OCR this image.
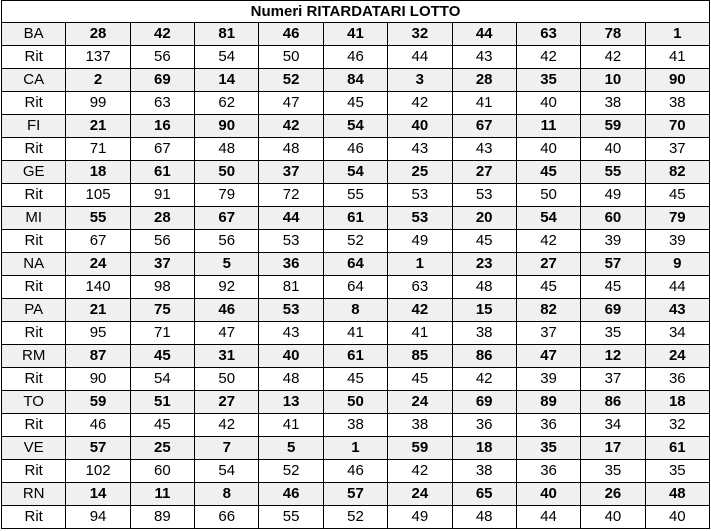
Numeri RITARDATARI LOTTO										
BA	28	42	81	46	41	32	44	63	78	1
Rit	137	56	54	50	46	44	43	42	42	41
CA	2	69	14	52	84	3	28	35	10	90
Rit	99	63	62	47	45	42	41	40	38	38
FI	21	16	90	42	54	40	67	11	59	70
Rit	71	67	48	48	46	43	43	40	40	37
GE	18	61	50	37	54	25	27	45	55	82
Rit	105	91	79	72	55	53	53	50	49	45
MI	55	28	67	44	61	53	20	54	60	79
Rit	67	56	56	53	52	49	45	42	39	39
NA	24	37	5	36	64	1	23	27	57	9
Rit	140	98	92	81	64	63	48	45	45	44
PA	21	75	46	53	8	42	15	82	69	43
Rit	95	71	47	43	41	41	38	37	35	34
RM	87	45	31	40	61	85	86	47	12	24
Rit	90	54	50	48	45	45	42	39	37	36
TO	59	51	27	13	50	24	69	89	86	18
Rit	46	45	42	41	38	38	36	36	34	32
VE	57	25	7	5	1	59	18	35	17	61
Rit	102	60	54	52	46	42	38	36	35	35
RN	14	11	8	46	57	24	65	40	26	48
Rit	94	89	66	55	52	49	48	44	40	40
